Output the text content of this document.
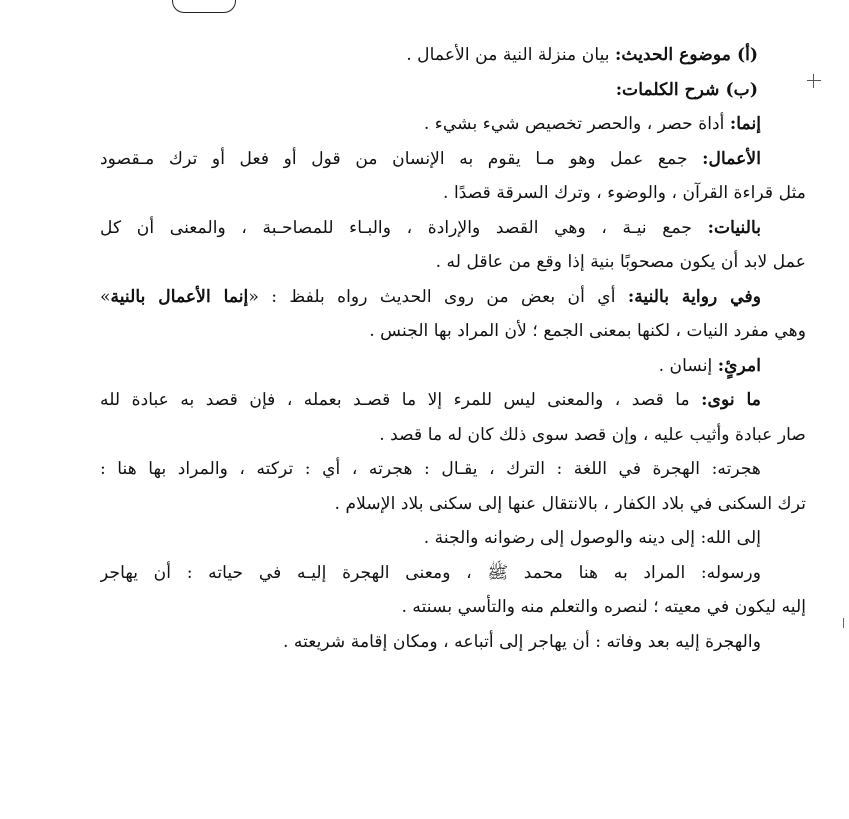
(أ) موضوع الحديث: بيان منزلة النية من الأعمال .
(ب) شرح الكلمات:
إنما: أداة حصر ، والحصر تخصيص شيء بشيء .
الأعمال: جمع عمل وهو مـا يقوم به الإنسان من قول أو فعل أو ترك مـقصود
مثل قراءة القرآن ، والوضوء ، وترك السرقة قصدًا .
بالنيات: جمع نيـة ، وهي القصد والإرادة ، والبـاء للمصاحـبة ، والمعنى أن كل
عمل لابد أن يكون مصحوبًا بنية إذا وقع من عاقل له .
وفي رواية بالنية: أي أن بعض من روى الحديث رواه بلفظ : «إنما الأعمال بالنية»
وهي مفرد النيات ، لكنها بمعنى الجمع ؛ لأن المراد بها الجنس .
امرئٍ: إنسان .
ما نوى: ما قصد ، والمعنى ليس للمرء إلا ما قصـد بعمله ، فإن قصد به عبادة لله
صار عبادة وأثيب عليه ، وإن قصد سوى ذلك كان له ما قصد .
هجرته: الهجرة في اللغة : الترك ، يقـال : هجرته ، أي : تركته ، والمراد بها هنا :
ترك السكنى في بلاد الكفار ، بالانتقال عنها إلى سكنى بلاد الإسلام .
إلى الله: إلى دينه والوصول إلى رضوانه والجنة .
ورسوله: المراد به هنا محمد ﷺ ، ومعنى الهجرة إليـه في حياته : أن يهاجر
إليه ليكون في معيته ؛ لنصره والتعلم منه والتأسي بسنته .
والهجرة إليه بعد وفاته : أن يهاجر إلى أتباعه ، ومكان إقامة شريعته .
